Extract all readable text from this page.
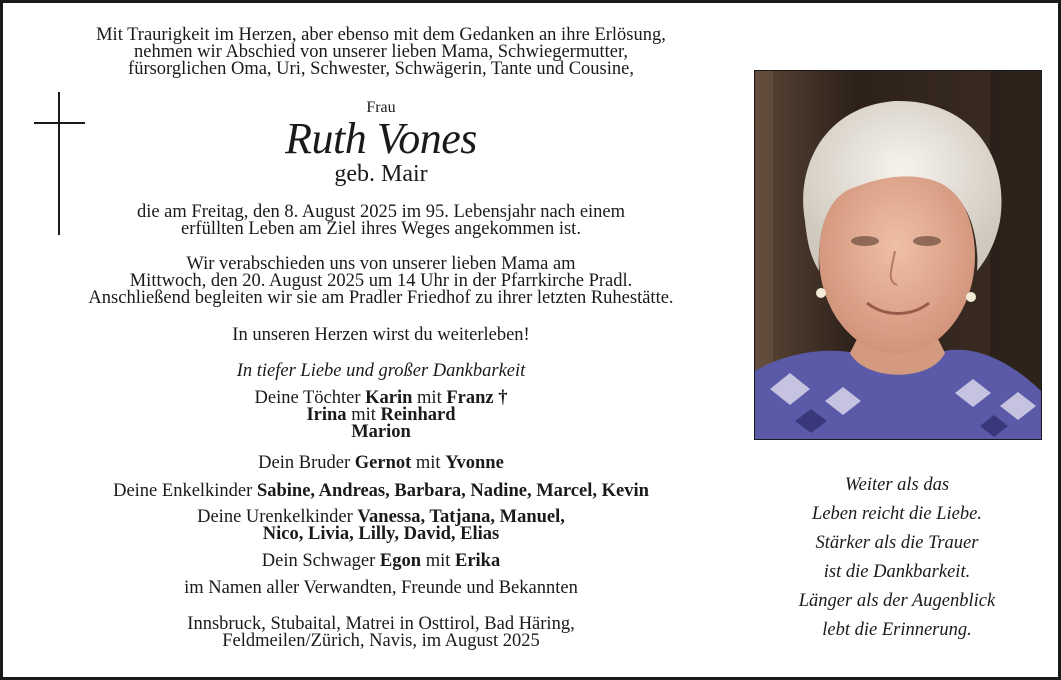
Mit Traurigkeit im Herzen, aber ebenso mit dem Gedanken an ihre Erlösung,
nehmen wir Abschied von unserer lieben Mama, Schwiegermutter,
fürsorglichen Oma, Uri, Schwester, Schwägerin, Tante und Cousine,
Frau
Ruth Vones
geb. Mair
die am Freitag, den 8. August 2025 im 95. Lebensjahr nach einem
erfüllten Leben am Ziel ihres Weges angekommen ist.
Wir verabschieden uns von unserer lieben Mama am
Mittwoch, den 20. August 2025 um 14 Uhr in der Pfarrkirche Pradl.
Anschließend begleiten wir sie am Pradler Friedhof zu ihrer letzten Ruhestätte.
In unseren Herzen wirst du weiterleben!
In tiefer Liebe und großer Dankbarkeit
Deine Töchter Karin mit Franz †
Irina mit Reinhard
Marion
Dein Bruder Gernot mit Yvonne
Deine Enkelkinder Sabine, Andreas, Barbara, Nadine, Marcel, Kevin
Deine Urenkelkinder Vanessa, Tatjana, Manuel,
Nico, Livia, Lilly, David, Elias
Dein Schwager Egon mit Erika
im Namen aller Verwandten, Freunde und Bekannten
Innsbruck, Stubaital, Matrei in Osttirol, Bad Häring,
Feldmeilen/Zürich, Navis, im August 2025
Weiter als das
Leben reicht die Liebe.
Stärker als die Trauer
ist die Dankbarkeit.
Länger als der Augenblick
lebt die Erinnerung.
